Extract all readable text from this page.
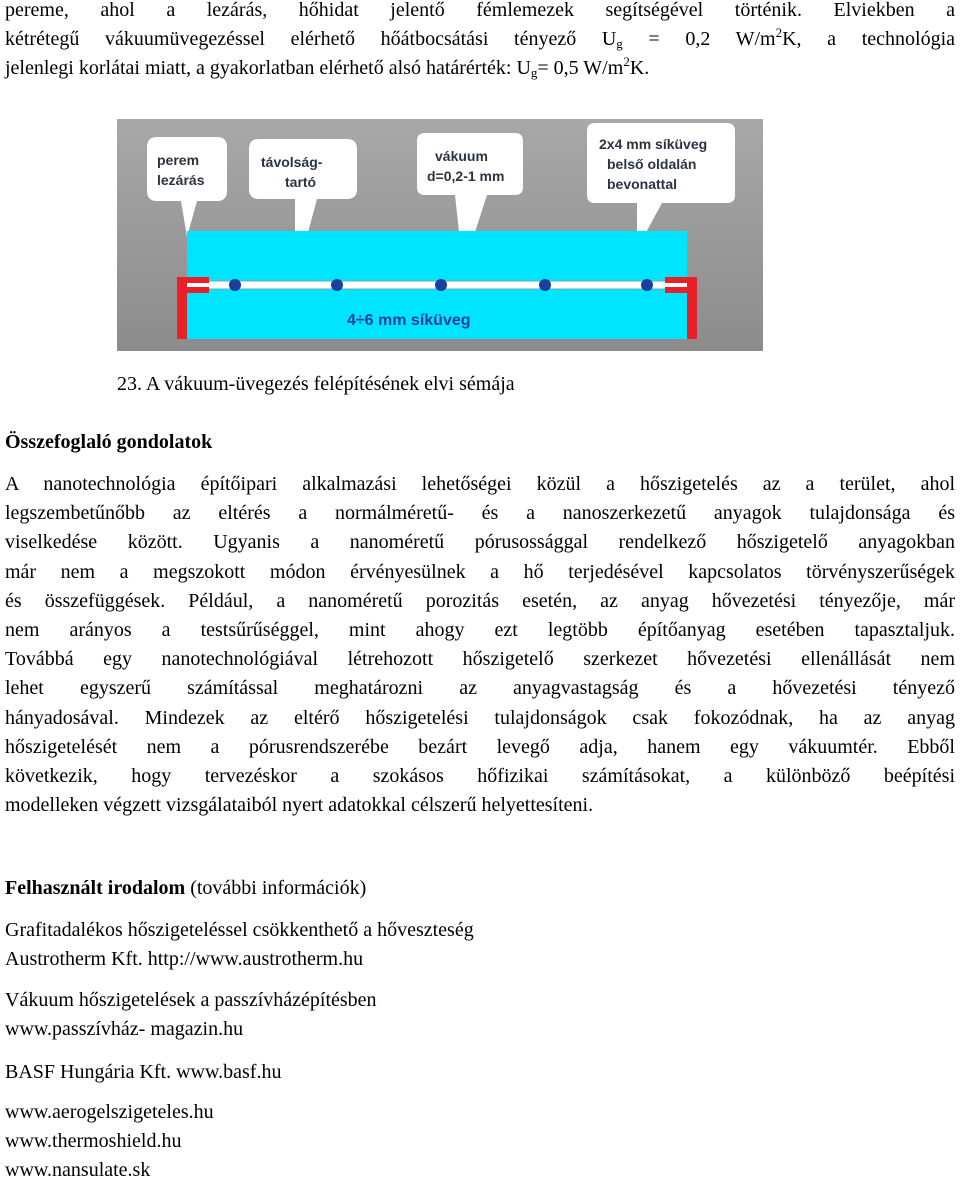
pereme, ahol a lezárás, hőhidat jelentő fémlemezek segítségével történik. Elviekben a
kétrétegű vákuumüvegezéssel elérhető hőátbocsátási tényező $U_g = 0,2$ $W/m^2K$, a technológia
jelenlegi korlátai miatt, a gyakorlatban elérhető alsó határérték: $U_g= 0,5$ $W/m^2K$.
perem
lezárás
távolság-
tartó
vákuum
d=0,2-1 mm
2x4 mm síküveg
belső oldalán
bevonattal
4÷6 mm síküveg
23. A vákuum-üvegezés felépítésének elvi sémája
Összefoglaló gondolatok
A nanotechnológia építőipari alkalmazási lehetőségei közül a hőszigetelés az a terület, ahol
legszembetűnőbb az eltérés a normálméretű- és a nanoszerkezetű anyagok tulajdonsága és
viselkedése között. Ugyanis a nanoméretű pórusossággal rendelkező hőszigetelő anyagokban
már nem a megszokott módon érvényesülnek a hő terjedésével kapcsolatos törvényszerűségek
és összefüggések. Például, a nanoméretű porozitás esetén, az anyag hővezetési tényezője, már
nem arányos a testsűrűséggel, mint ahogy ezt legtöbb építőanyag esetében tapasztaljuk.
Továbbá egy nanotechnológiával létrehozott hőszigetelő szerkezet hővezetési ellenállását nem
lehet egyszerű számítással meghatározni az anyagvastagság és a hővezetési tényező
hányadosával. Mindezek az eltérő hőszigetelési tulajdonságok csak fokozódnak, ha az anyag
hőszigetelését nem a pórusrendszerébe bezárt levegő adja, hanem egy vákuumtér. Ebből
következik, hogy tervezéskor a szokásos hőfizikai számításokat, a különböző beépítési
modelleken végzett vizsgálataiból nyert adatokkal célszerű helyettesíteni.
Felhasznált irodalom (további információk)
Grafitadalékos hőszigeteléssel csökkenthető a hőveszteség
Austrotherm Kft. http://www.austrotherm.hu
Vákuum hőszigetelések a passzívházépítésben
www.passzívház- magazin.hu
BASF Hungária Kft. www.basf.hu
www.aerogelszigeteles.hu
www.thermoshield.hu
www.nansulate.sk
